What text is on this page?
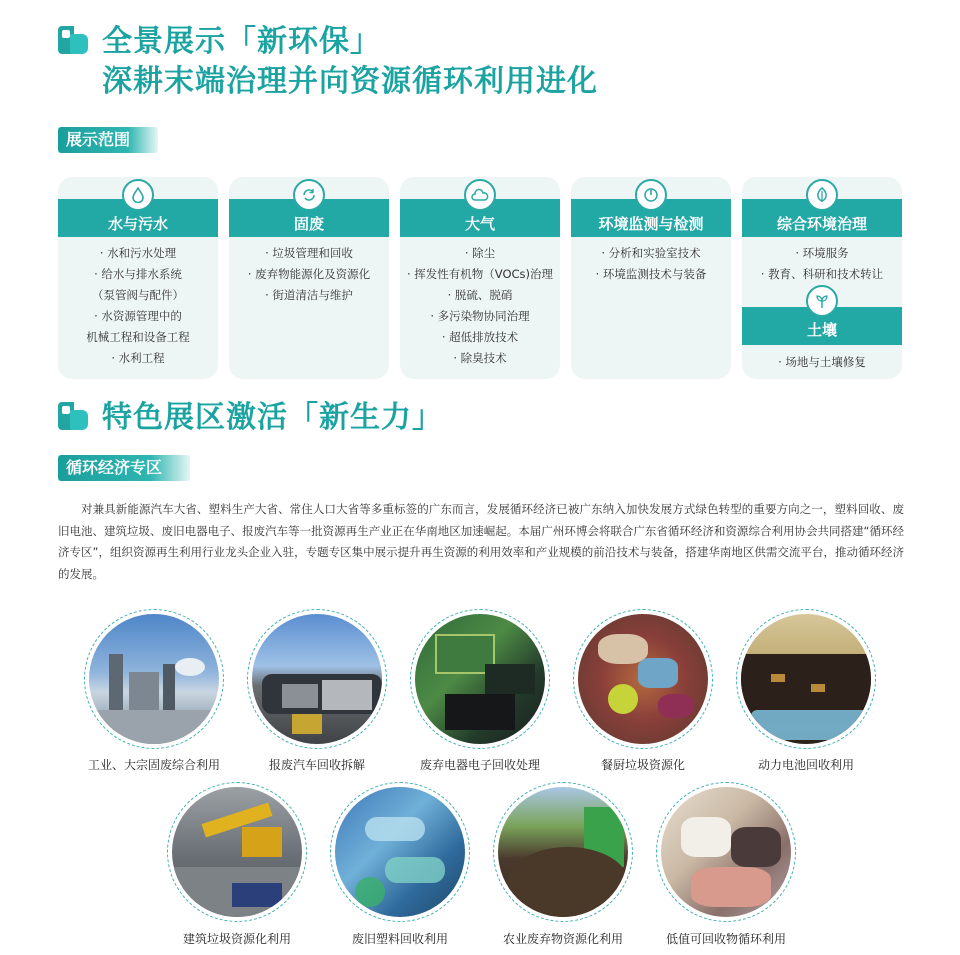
全景展示「新环保」
深耕末端治理并向资源循环利用进化
展示范围
水与污水
· 水和污水处理
· 给水与排水系统
（泵管阀与配件）
· 水资源管理中的
机械工程和设备工程
· 水利工程
固废
· 垃圾管理和回收
· 废弃物能源化及资源化
· 街道清洁与维护
大气
· 除尘
· 挥发性有机物（VOCs)治理
· 脱硫、脱硝
· 多污染物协同治理
· 超低排放技术
· 除臭技术
环境监测与检测
· 分析和实验室技术
· 环境监测技术与装备
综合环境治理
· 环境服务
· 教育、科研和技术转让
土壤
· 场地与土壤修复
特色展区激活「新生力」
循环经济专区
对兼具新能源汽车大省、塑料生产大省、常住人口大省等多重标签的广东而言，发展循环经济已被广东纳入加快发展方式绿色转型的重要方向之一，塑料回收、废旧电池、建筑垃圾、废旧电器电子、报废汽车等一批资源再生产业正在华南地区加速崛起。本届广州环博会将联合广东省循环经济和资源综合利用协会共同搭建“循环经济专区”，组织资源再生利用行业龙头企业入驻，专题专区集中展示提升再生资源的利用效率和产业规模的前沿技术与装备，搭建华南地区供需交流平台，推动循环经济的发展。
工业、大宗固废综合利用	报废汽车回收拆解	废弃电器电子回收处理	餐厨垃圾资源化	动力电池回收利用
建筑垃圾资源化利用	废旧塑料回收利用	农业废弃物资源化利用	低值可回收物循环利用
